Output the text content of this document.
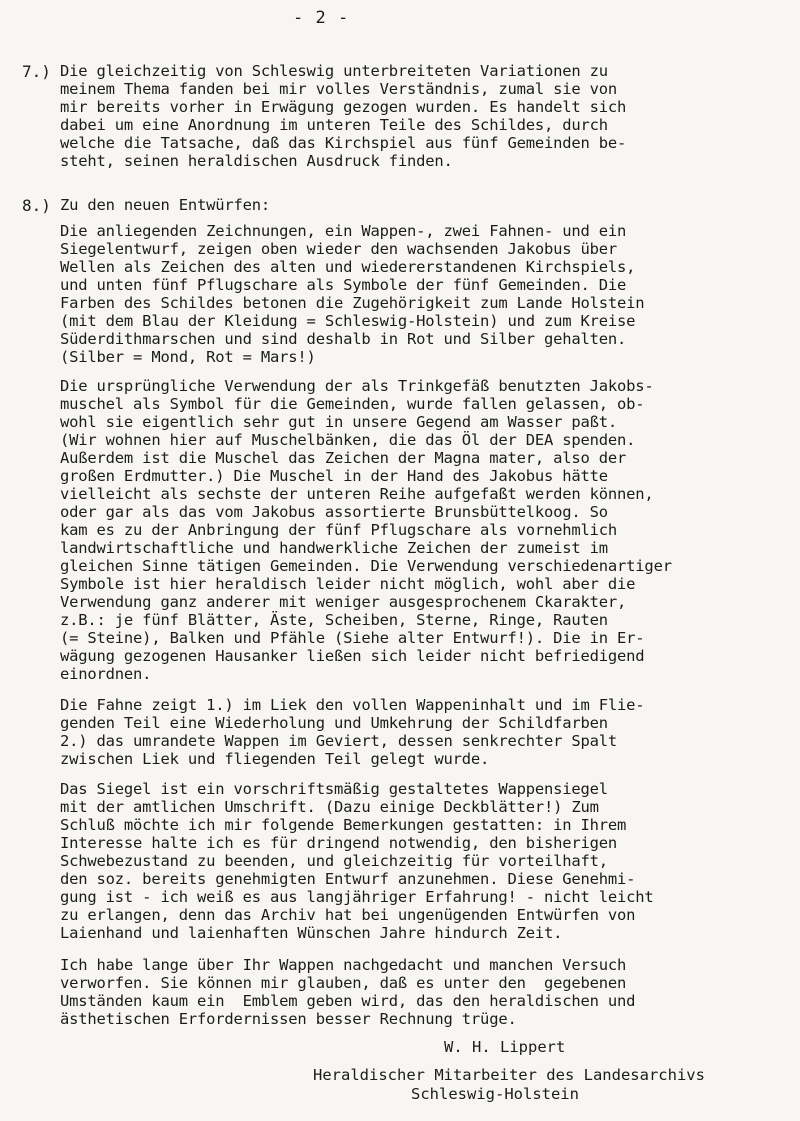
- 2 -
7.) Die gleichzeitig von Schleswig unterbreiteten Variationen zu
meinem Thema fanden bei mir volles Verständnis, zumal sie von
mir bereits vorher in Erwägung gezogen wurden. Es handelt sich
dabei um eine Anordnung im unteren Teile des Schildes, durch
welche die Tatsache, daß das Kirchspiel aus fünf Gemeinden be-
steht, seinen heraldischen Ausdruck finden.
8.) Zu den neuen Entwürfen:
Die anliegenden Zeichnungen, ein Wappen-, zwei Fahnen- und ein
Siegelentwurf, zeigen oben wieder den wachsenden Jakobus über
Wellen als Zeichen des alten und wiedererstandenen Kirchspiels,
und unten fünf Pflugschare als Symbole der fünf Gemeinden. Die
Farben des Schildes betonen die Zugehörigkeit zum Lande Holstein
(mit dem Blau der Kleidung = Schleswig-Holstein) und zum Kreise
Süderdithmarschen und sind deshalb in Rot und Silber gehalten.
(Silber = Mond, Rot = Mars!)
Die ursprüngliche Verwendung der als Trinkgefäß benutzten Jakobs-
muschel als Symbol für die Gemeinden, wurde fallen gelassen, ob-
wohl sie eigentlich sehr gut in unsere Gegend am Wasser paßt.
(Wir wohnen hier auf Muschelbänken, die das Öl der DEA spenden.
Außerdem ist die Muschel das Zeichen der Magna mater, also der
großen Erdmutter.) Die Muschel in der Hand des Jakobus hätte
vielleicht als sechste der unteren Reihe aufgefaßt werden können,
oder gar als das vom Jakobus assortierte Brunsbüttelkoog. So
kam es zu der Anbringung der fünf Pflugschare als vornehmlich
landwirtschaftliche und handwerkliche Zeichen der zumeist im
gleichen Sinne tätigen Gemeinden. Die Verwendung verschiedenartiger
Symbole ist hier heraldisch leider nicht möglich, wohl aber die
Verwendung ganz anderer mit weniger ausgesprochenem Ckarakter,
z.B.: je fünf Blätter, Äste, Scheiben, Sterne, Ringe, Rauten
(= Steine), Balken und Pfähle (Siehe alter Entwurf!). Die in Er-
wägung gezogenen Hausanker ließen sich leider nicht befriedigend
einordnen.
Die Fahne zeigt 1.) im Liek den vollen Wappeninhalt und im Flie-
genden Teil eine Wiederholung und Umkehrung der Schildfarben
2.) das umrandete Wappen im Geviert, dessen senkrechter Spalt
zwischen Liek und fliegenden Teil gelegt wurde.
Das Siegel ist ein vorschriftsmäßig gestaltetes Wappensiegel
mit der amtlichen Umschrift. (Dazu einige Deckblätter!) Zum
Schluß möchte ich mir folgende Bemerkungen gestatten: in Ihrem
Interesse halte ich es für dringend notwendig, den bisherigen
Schwebezustand zu beenden, und gleichzeitig für vorteilhaft,
den soz. bereits genehmigten Entwurf anzunehmen. Diese Genehmi-
gung ist - ich weiß es aus langjähriger Erfahrung! - nicht leicht
zu erlangen, denn das Archiv hat bei ungenügenden Entwürfen von
Laienhand und laienhaften Wünschen Jahre hindurch Zeit.
Ich habe lange über Ihr Wappen nachgedacht und manchen Versuch
verworfen. Sie können mir glauben, daß es unter den  gegebenen
Umständen kaum ein  Emblem geben wird, das den heraldischen und
ästhetischen Erfordernissen besser Rechnung trüge.
W. H. Lippert
Heraldischer Mitarbeiter des Landesarchivs
Schleswig-Holstein
